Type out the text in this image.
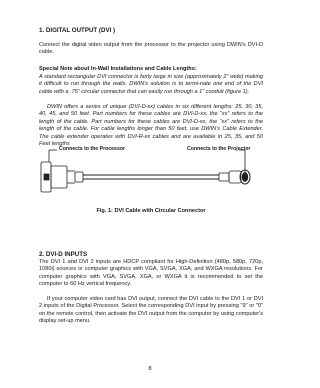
1. DIGITAL OUTPUT (DVI )

Connect the digital video output from the processor to the projector using DWIN’s DVI-D cable.

Special Note about In-Wall Installations and Cable Lengths:

A standard rectangular DVI connector is fairly large in size (approximately 2” wide) making it difficult to run through the walls. DWIN’s solution is to termi-nate one end of the DVI cable with a .75” circular connector that can easily run through a 1” conduit (figure 1).

DWIN offers a series of unique (DVI-D-xx) cables in six different lengths: 25, 30, 35, 40, 45, and 50 feet. Part numbers for these cables are DVI-D-xx, the “xx” refers to the length of the cable. Part numbers for these cables are DVI-D-xx, the “xx” refers to the length of the cable. For cable lengths longer than 50 feet, use DWIN’s Cable Extender. The cable extender operates with DVI-R-xx cables and are available in 25, 35, and 50 Feet lengths

Connects to the Processor	Connects to the Projector
Fig. 1: DVI Cable with Circular Connector
2. DVI-D INPUTS

The DVI 1 and DVI 2 inputs are HDCP compliant for High-Definition (480p, 580p, 720p, 1080i) sources or computer graphics with VGA, SVGA, XGA, and WXGA resolutions. For computer graphics with VGA, SVGA, XGA, or WXGA it is recommended to set the computer to 60 Hz vertical frequency.

If your computer video card has DVI output, connect the DVI cable to the DVI 1 or DVI 2 inputs of the Digital Processor. Select the corresponding DVI input by pressing "9" or "0" on the remote control, then activate the DVI output from the computer by using computer's display set-up menu.

8
